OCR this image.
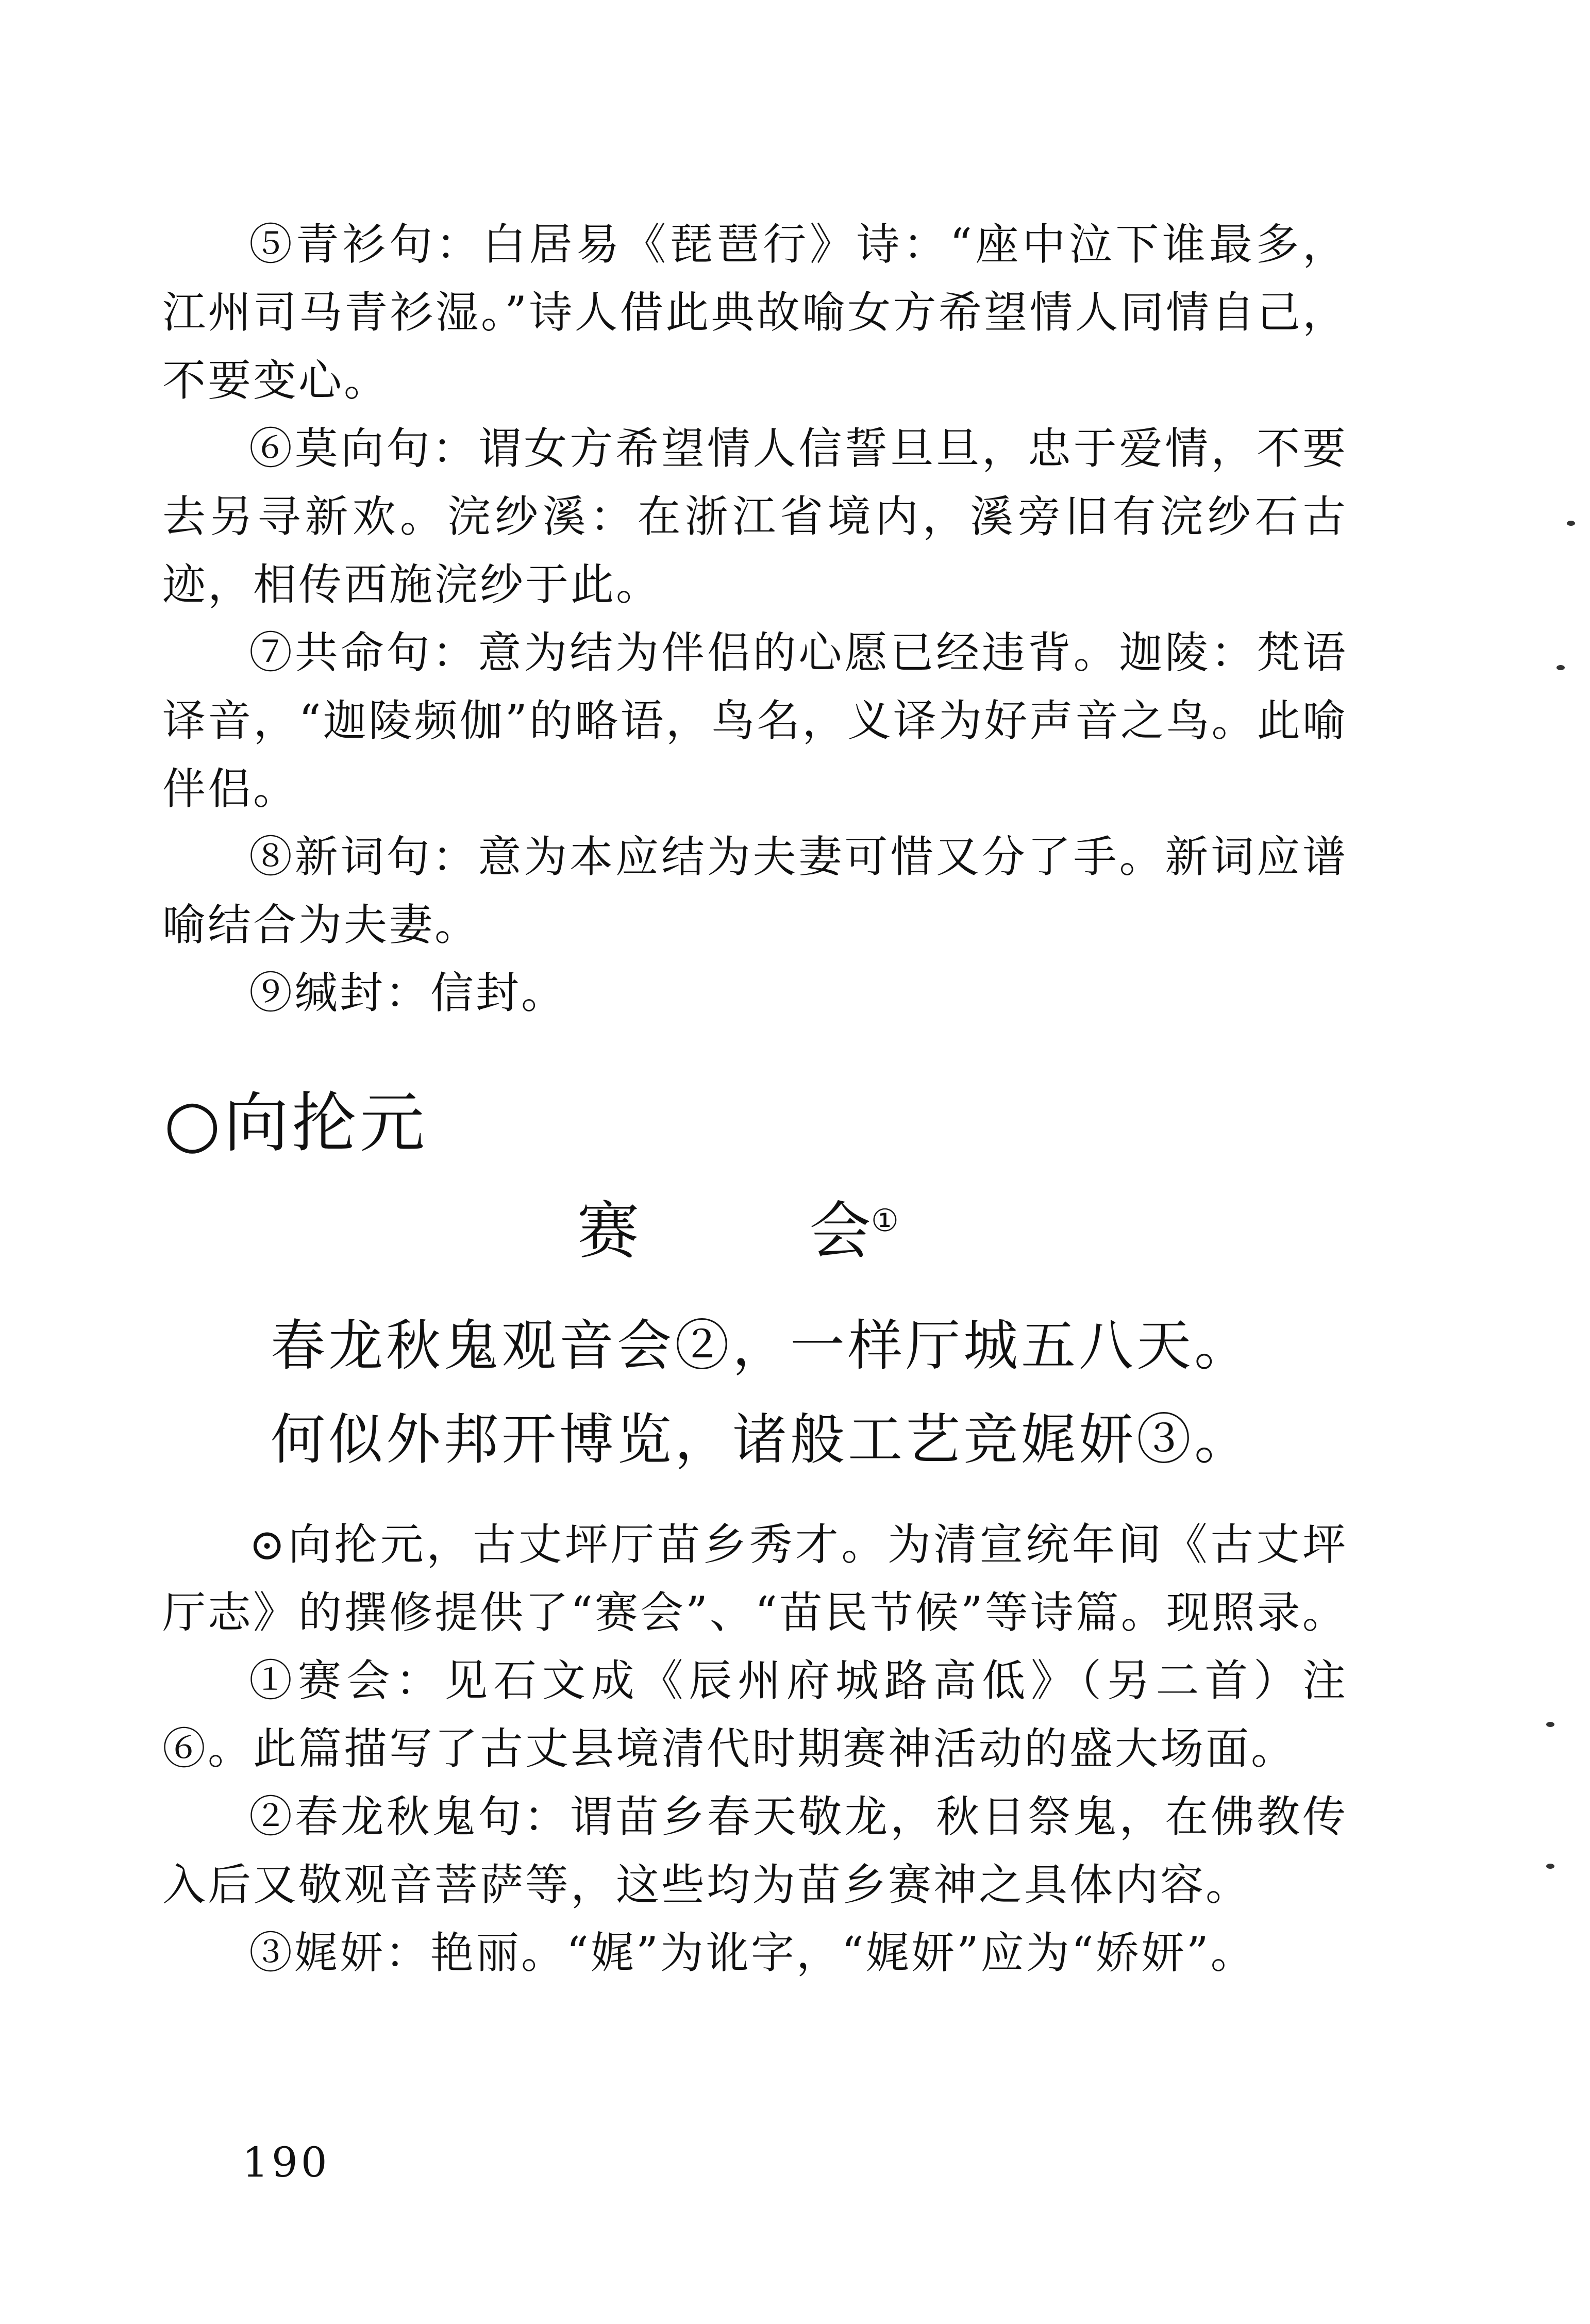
⑤青衫句：白居易《琵琶行》诗：“座中泣下谁最多，江州司马青衫湿。”诗人借此典故喻女方希望情人同情自己，不要变心。

⑥莫向句：谓女方希望情人信誓旦旦，忠于爱情，不要去另寻新欢。浣纱溪：在浙江省境内，溪旁旧有浣纱石古迹，相传西施浣纱于此。

⑦共命句：意为结为伴侣的心愿已经违背。迦陵：梵语译音，“迦陵频伽”的略语，鸟名，义译为好声音之鸟。此喻伴侣。

⑧新词句：意为本应结为夫妻可惜又分了手。新词应谱喻结合为夫妻。

⑨缄封：信封。

○向抡元
赛	会①
春龙秋鬼观音会②，一样厅城五八天。
何似外邦开博览，诸般工艺竞娓妍③。

⊙向抡元，古丈坪厅苗乡秀才。为清宣统年间《古丈坪厅志》的撰修提供了“赛会”、“苗民节候”等诗篇。现照录。

①赛会：见石文成《辰州府城路高低》（另二首）注⑥。此篇描写了古丈县境清代时期赛神活动的盛大场面。

②春龙秋鬼句：谓苗乡春天敬龙，秋日祭鬼，在佛教传入后又敬观音菩萨等，这些均为苗乡赛神之具体内容。

③娓妍：艳丽。“娓”为讹字，“娓妍”应为“娇妍”。

190
